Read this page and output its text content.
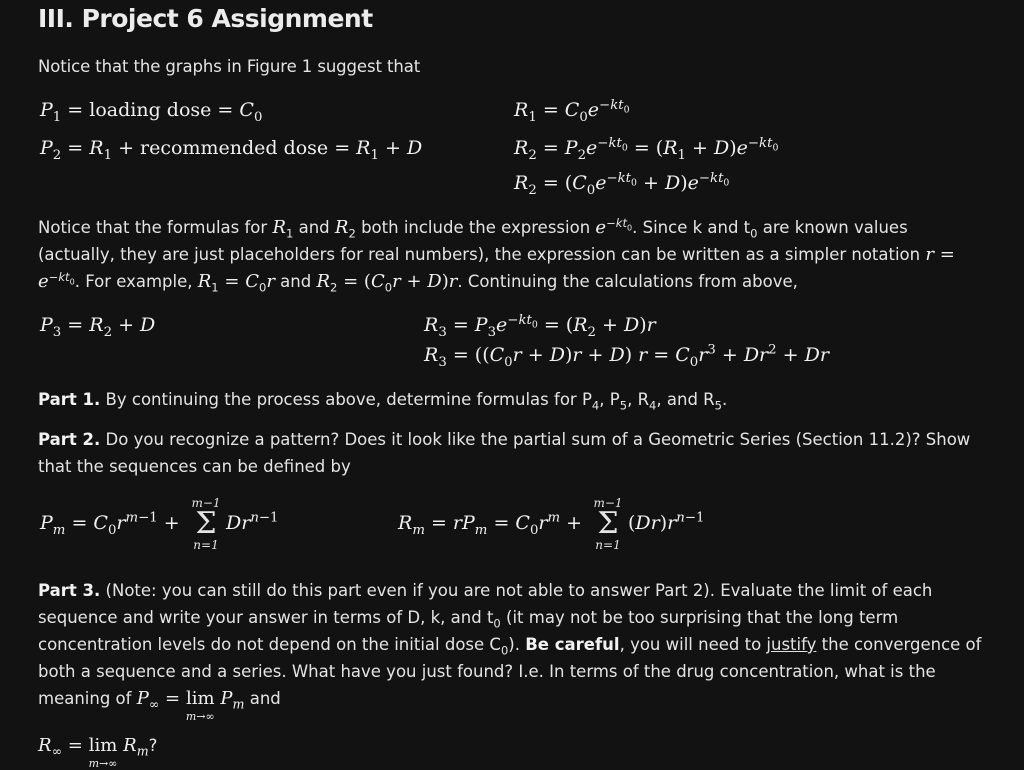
III. Project 6 Assignment
Notice that the graphs in Figure 1 suggest that
$P_1$ = loading dose = $C_0$
$P_2 = R_1$ + recommended dose = $R_1 + D$
$R_1 = C_0e^{-kt_0}$
$R_2 = P_2e^{-kt_0} = (R_1 + D)e^{-kt_0}$
$R_2 = (C_0e^{-kt_0} + D)e^{-kt_0}$
Notice that the formulas for $R_1$ and $R_2$ both include the expression $e^{-kt_0}$. Since k and $t_0$ are known values (actually, they are just placeholders for real numbers), the expression can be written as a simpler notation $r = e^{-kt_0}$. For example, $R_1 = C_0r$ and $R_2 = (C_0r + D)r$. Continuing the calculations from above,
$P_3 = R_2 + D$	$R_3 = P_3e^{-kt_0} = (R_2 + D)r$
$R_3 = ((C_0r + D)r + D) r = C_0r^3 + Dr^2 + Dr$
Part 1. By continuing the process above, determine formulas for $P_4$, $P_5$, $R_4$, and $R_5$.
Part 2. Do you recognize a pattern? Does it look like the partial sum of a Geometric Series (Section 11.2)? Show that the sequences can be defined by
$P_m = C_0r^{m-1}$ +
m−1
Σ
n=1
$Dr^{n-1}$	$R_m = rP_m = C_0r^m$ +
m−1
Σ
n=1
$(Dr)r^{n-1}$
Part 3. (Note: you can still do this part even if you are not able to answer Part 2). Evaluate the limit of each sequence and write your answer in terms of D, k, and $t_0$ (it may not be too surprising that the long term concentration levels do not depend on the initial dose $C_0$). Be careful, you will need to justify the convergence of both a sequence and a series. What have you just found? I.e. In terms of the drug concentration, what is the meaning of $P_\infty = \lim$
m→∞
$P_m$ and
$R_\infty = \lim$
m→∞
$R_m$?
